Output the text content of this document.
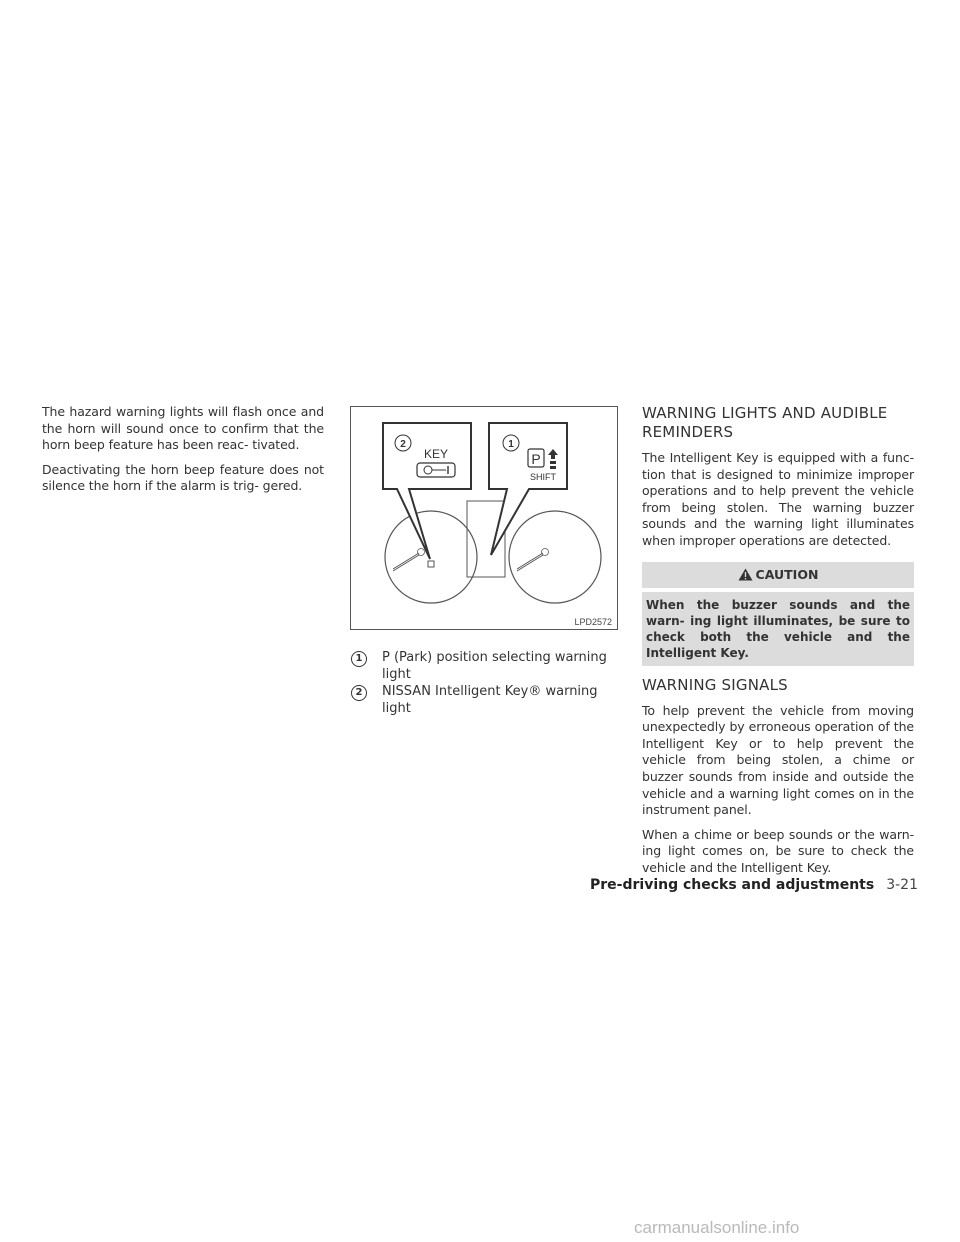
The hazard warning lights will flash once and the horn will sound once to confirm that the horn beep feature has been reac- tivated.

Deactivating the horn beep feature does not silence the horn if the alarm is trig- gered.

2
KEY
1
P
SHIFT
LPD2572
1	P (Park) position selecting warning light
2	NISSAN Intelligent Key® warning light
WARNING LIGHTS AND AUDIBLE REMINDERS

The Intelligent Key is equipped with a func- tion that is designed to minimize improper operations and to help prevent the vehicle from being stolen. The warning buzzer sounds and the warning light illuminates when improper operations are detected.

CAUTION
When the buzzer sounds and the warn- ing light illuminates, be sure to check both the vehicle and the Intelligent Key.
WARNING SIGNALS

To help prevent the vehicle from moving unexpectedly by erroneous operation of the Intelligent Key or to help prevent the vehicle from being stolen, a chime or buzzer sounds from inside and outside the vehicle and a warning light comes on in the instrument panel.

When a chime or beep sounds or the warn- ing light comes on, be sure to check the vehicle and the Intelligent Key.

Pre-driving checks and adjustments 3-21
carmanualsonline.info
